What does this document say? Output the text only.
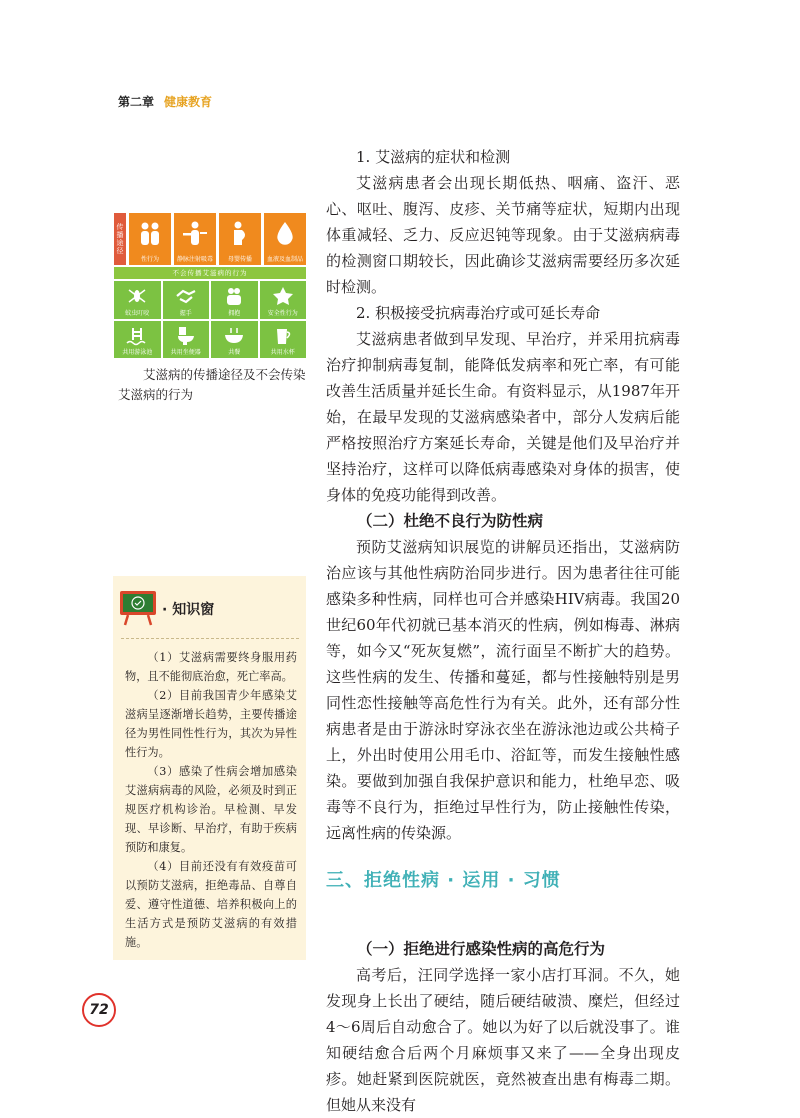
第二章 健康教育

1. 艾滋病的症状和检测

艾滋病患者会出现长期低热、咽痛、盗汗、恶心、呕吐、腹泻、皮疹、关节痛等症状，短期内出现体重减轻、乏力、反应迟钝等现象。由于艾滋病病毒的检测窗口期较长，因此确诊艾滋病需要经历多次延时检测。

2. 积极接受抗病毒治疗或可延长寿命

艾滋病患者做到早发现、早治疗，并采用抗病毒治疗抑制病毒复制，能降低发病率和死亡率，有可能改善生活质量并延长生命。有资料显示，从1987年开始，在最早发现的艾滋病感染者中，部分人发病后能严格按照治疗方案延长寿命，关键是他们及早治疗并坚持治疗，这样可以降低病毒感染对身体的损害，使身体的免疫功能得到改善。

（二）杜绝不良行为防性病

预防艾滋病知识展览的讲解员还指出，艾滋病防治应该与其他性病防治同步进行。因为患者往往可能感染多种性病，同样也可合并感染HIV病毒。我国20世纪60年代初就已基本消灭的性病，例如梅毒、淋病等，如今又“死灰复燃”，流行面呈不断扩大的趋势。这些性病的发生、传播和蔓延，都与性接触特别是男同性恋性接触等高危性行为有关。此外，还有部分性病患者是由于游泳时穿泳衣坐在游泳池边或公共椅子上，外出时使用公用毛巾、浴缸等，而发生接触性感染。要做到加强自我保护意识和能力，杜绝早恋、吸毒等不良行为，拒绝过早性行为，防止接触性传染，远离性病的传染源。

三、拒绝性病 · 运用 · 习惯

（一）拒绝进行感染性病的高危行为

高考后，汪同学选择一家小店打耳洞。不久，她发现身上长出了硬结，随后硬结破溃、糜烂，但经过4～6周后自动愈合了。她以为好了以后就没事了。谁知硬结愈合后两个月麻烦事又来了——全身出现皮疹。她赶紧到医院就医，竟然被查出患有梅毒二期。但她从来没有

传播途径
性行为	静脉注射吸毒	母婴传播	血液及血制品
不会传播艾滋病的行为
蚊虫叮咬	握手	拥抱	安全性行为
共用游泳池	共用坐便器	共餐	共用水杯
艾滋病的传播途径及不会传染艾滋病的行为
· 知识窗

（1）艾滋病需要终身服用药物，且不能彻底治愈，死亡率高。

（2）目前我国青少年感染艾滋病呈逐渐增长趋势，主要传播途径为男性同性性行为，其次为异性性行为。

（3）感染了性病会增加感染艾滋病病毒的风险，必须及时到正规医疗机构诊治。早检测、早发现、早诊断、早治疗，有助于疾病预防和康复。

（4）目前还没有有效疫苗可以预防艾滋病，拒绝毒品、自尊自爱、遵守性道德、培养积极向上的生活方式是预防艾滋病的有效措施。

72
